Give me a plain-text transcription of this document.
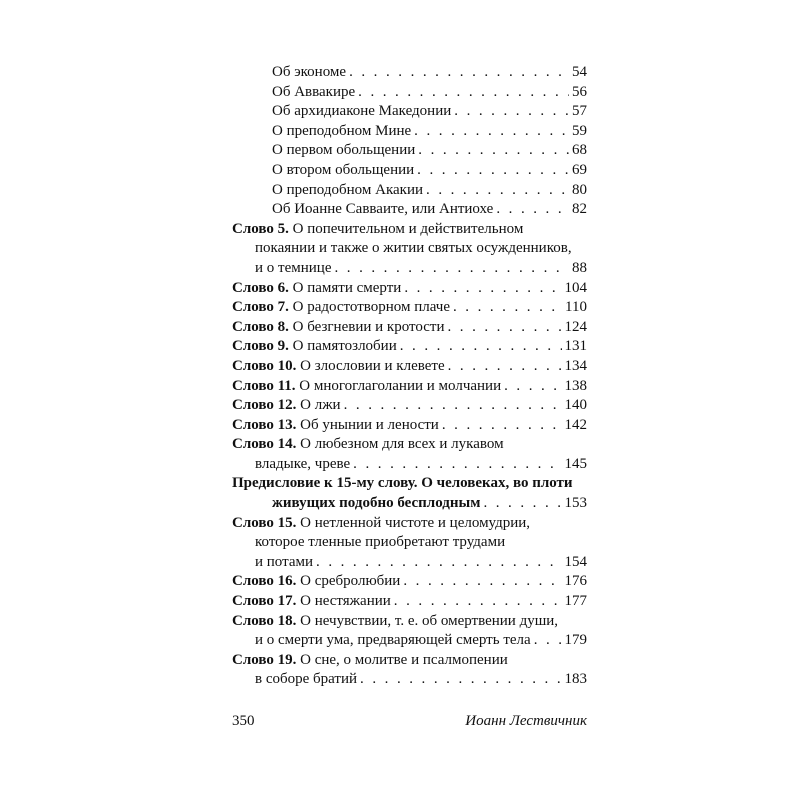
Об экономе . . .	54
Об Аввакире . . .	56
Об архидиаконе Македонии . . .	57
О преподобном Мине . . .	59
О первом обольщении . . .	68
О втором обольщении . . .	69
О преподобном Акакии . . .	80
Об Иоанне Савваите, или Антиохе . . .	82
Слово 5. О попечительном и действительном
покаянии и также о житии святых осужденников,
и о темнице . . .	88
Слово 6. О памяти смерти . . .	104
Слово 7. О радостотворном плаче . . .	110
Слово 8. О безгневии и кротости . . .	124
Слово 9. О памятозлобии . . .	131
Слово 10. О злословии и клевете . . .	134
Слово 11. О многоглаголании и молчании . . .	138
Слово 12. О лжи . . .	140
Слово 13. Об унынии и лености . . .	142
Слово 14. О любезном для всех и лукавом
владыке, чреве . . .	145
Предисловие к 15-му слову. О человеках, во плоти
живущих подобно бесплодным . . .	153
Слово 15. О нетленной чистоте и целомудрии,
которое тленные приобретают трудами
и потами . . .	154
Слово 16. О сребролюбии . . .	176
Слово 17. О нестяжании . . .	177
Слово 18. О нечувствии, т. е. об омертвении души,
и о смерти ума, предваряющей смерть тела . . . 179
Слово 19. О сне, о молитве и псалмопении
в соборе братий . . .	183
350	Иоанн Лествичник
